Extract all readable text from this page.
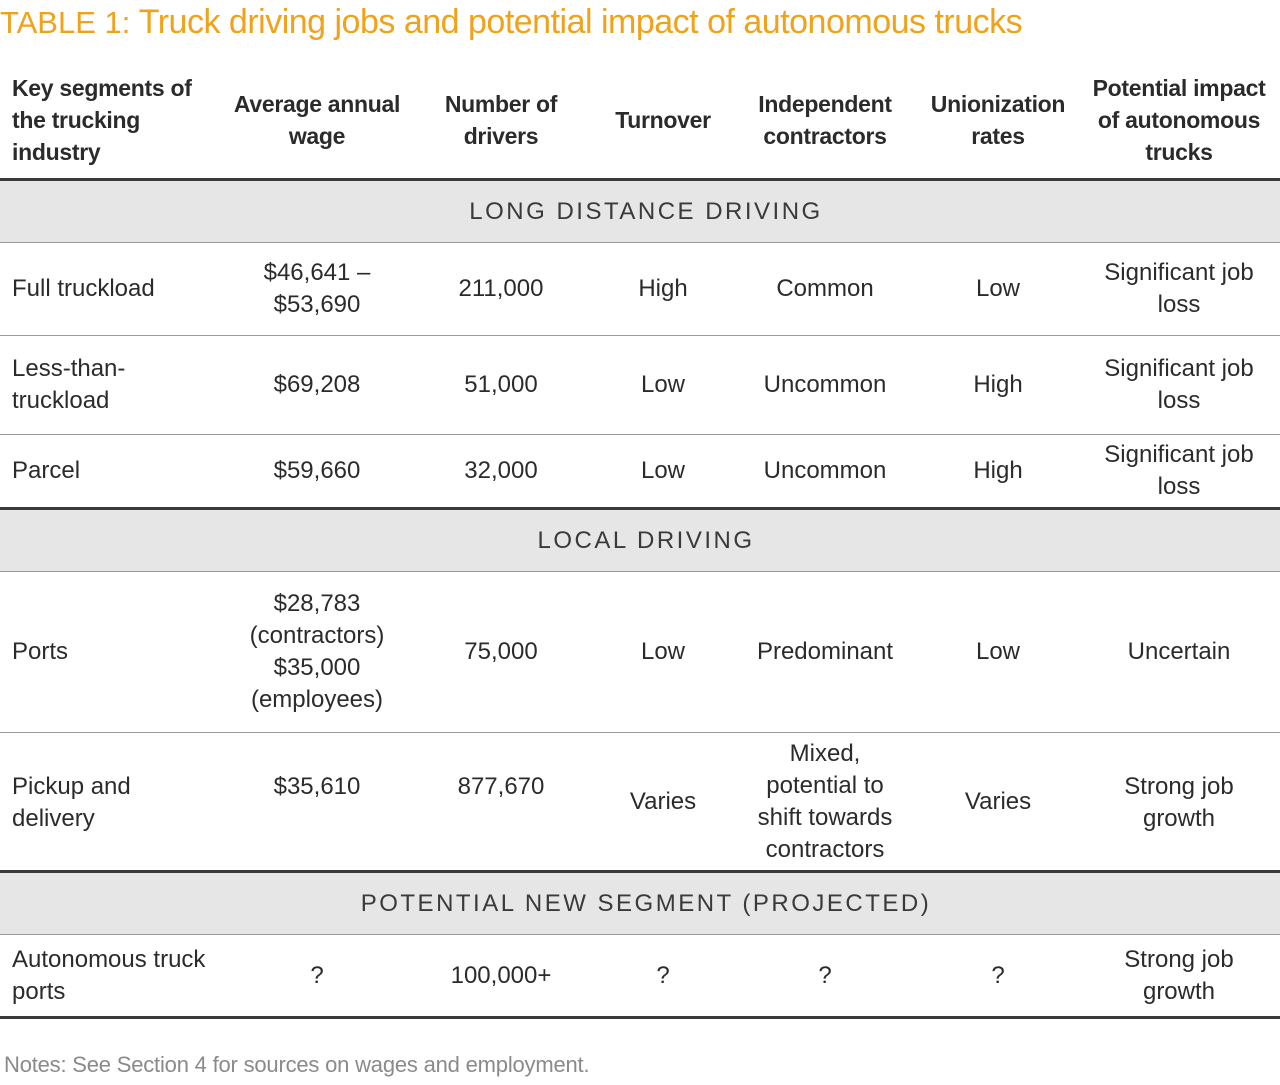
TABLE 1: Truck driving jobs and potential impact of autonomous trucks
Key segments of the trucking industry	Average annual wage	Number of drivers	Turnover	Independent contractors	Unionization rates	Potential impact of autonomous trucks
LONG DISTANCE DRIVING						
Full truckload	$46,641 – $53,690	211,000	High	Common	Low	Significant job loss
Less-than-truckload	$69,208	51,000	Low	Uncommon	High	Significant job loss
Parcel	$59,660	32,000	Low	Uncommon	High	Significant job loss
LOCAL DRIVING						
Ports	$28,783 (contractors) $35,000 (employees)	75,000	Low	Predominant	Low	Uncertain
Pickup and delivery	$35,610	877,670	Varies	Mixed, potential to shift towards contractors	Varies	Strong job growth
POTENTIAL NEW SEGMENT (PROJECTED)						
Autonomous truck ports	?	100,000+	?	?	?	Strong job growth
Notes: See Section 4 for sources on wages and employment.
